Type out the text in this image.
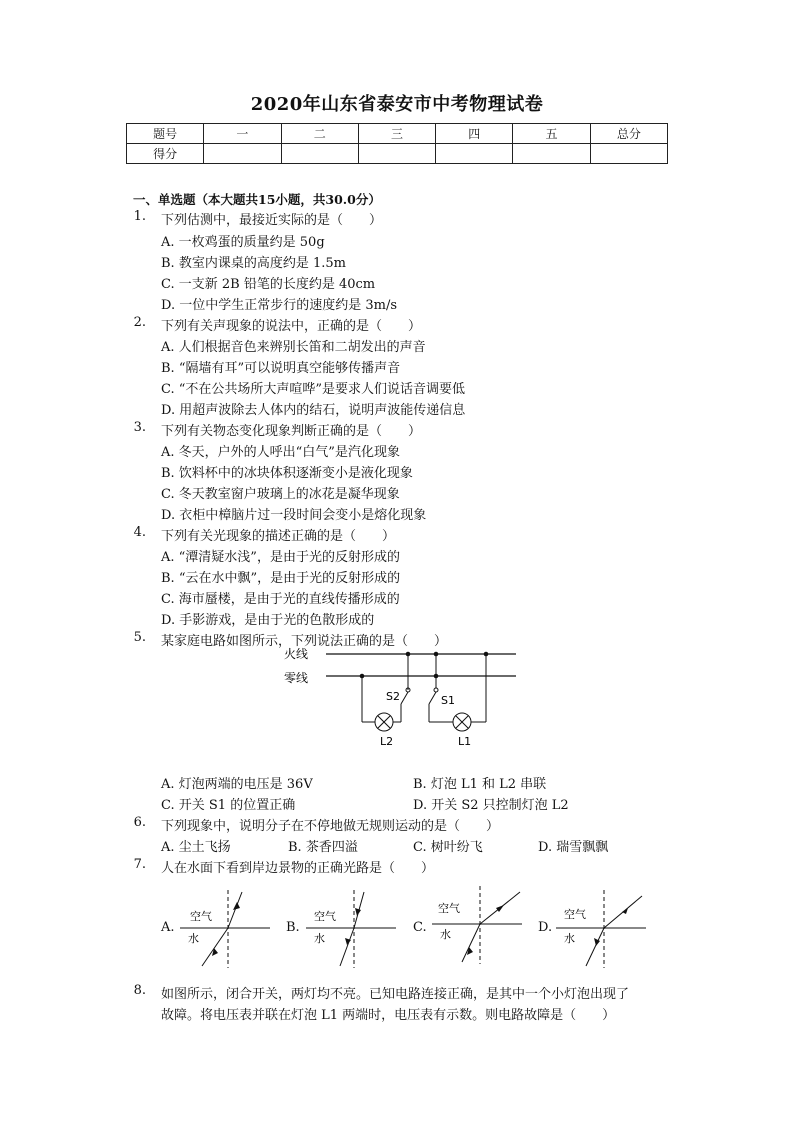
2020年山东省泰安市中考物理试卷
题号	一	二	三	四	五	总分
得分						
一、单选题（本大题共15小题，共30.0分）
1. 下列估测中，最接近实际的是（　　）
A. 一枚鸡蛋的质量约是 50g
B. 教室内课桌的高度约是 1.5m
C. 一支新 2B 铅笔的长度约是 40cm
D. 一位中学生正常步行的速度约是 3m/s
2. 下列有关声现象的说法中，正确的是（　　）
A. 人们根据音色来辨别长笛和二胡发出的声音
B. “隔墙有耳”可以说明真空能够传播声音
C. “不在公共场所大声喧哗”是要求人们说话音调要低
D. 用超声波除去人体内的结石，说明声波能传递信息
3. 下列有关物态变化现象判断正确的是（　　）
A. 冬天，户外的人呼出“白气”是汽化现象
B. 饮料杯中的冰块体积逐渐变小是液化现象
C. 冬天教室窗户玻璃上的冰花是凝华现象
D. 衣柜中樟脑片过一段时间会变小是熔化现象
4. 下列有关光现象的描述正确的是（　　）
A. “潭清疑水浅”，是由于光的反射形成的
B. “云在水中飘”，是由于光的反射形成的
C. 海市蜃楼，是由于光的直线传播形成的
D. 手影游戏，是由于光的色散形成的
5. 某家庭电路如图所示，下列说法正确的是（　　）
火线
零线
S2
L2
S1
L1
A. 灯泡两端的电压是 36V	B. 灯泡 L1 和 L2 串联
C. 开关 S1 的位置正确	D. 开关 S2 只控制灯泡 L2
6. 下列现象中，说明分子在不停地做无规则运动的是（　　）
A. 尘土飞扬	B. 茶香四溢	C. 树叶纷飞	D. 瑞雪飘飘
7. 人在水面下看到岸边景物的正确光路是（　　）
A.
空气
水
B.
空气
水
C.
空气
水	D.
空气
水
8. 如图所示，闭合开关，两灯均不亮。已知电路连接正确，是其中一个小灯泡出现了
故障。将电压表并联在灯泡 L1 两端时，电压表有示数。则电路故障是（　　）
